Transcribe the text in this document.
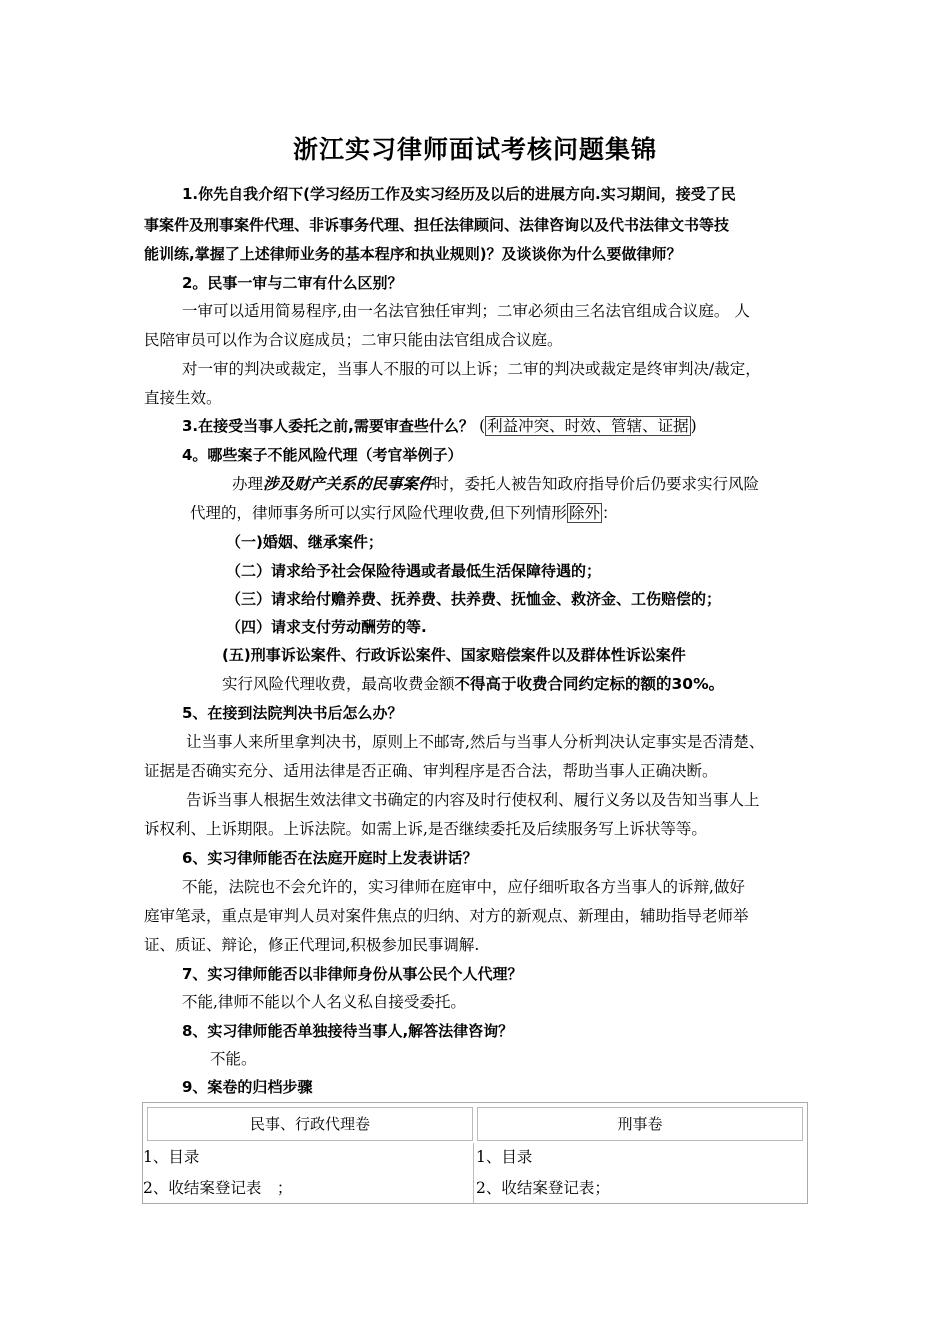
浙江实习律师面试考核问题集锦
1.你先自我介绍下(学习经历工作及实习经历及以后的进展方向.实习期间，接受了民
事案件及刑事案件代理、非诉事务代理、担任法律顾问、法律咨询以及代书法律文书等技
能训练,掌握了上述律师业务的基本程序和执业规则)？及谈谈你为什么要做律师？
2。民事一审与二审有什么区别？
一审可以适用简易程序,由一名法官独任审判；二审必须由三名法官组成合议庭。 人
民陪审员可以作为合议庭成员；二审只能由法官组成合议庭。
对一审的判决或裁定，当事人不服的可以上诉；二审的判决或裁定是终审判决/裁定，
直接生效。
3.在接受当事人委托之前,需要审查些什么？ ( 利益冲突、时效、管辖、证据 )
4。哪些案子不能风险代理（考官举例子）
办理涉及财产关系的民事案件时，委托人被告知政府指导价后仍要求实行风险
代理的，律师事务所可以实行风险代理收费,但下列情形 除外 ：
（一)婚姻、继承案件；
（二）请求给予社会保险待遇或者最低生活保障待遇的；
（三）请求给付赡养费、抚养费、扶养费、抚恤金、救济金、工伤赔偿的；
（四）请求支付劳动酬劳的等.
(五)刑事诉讼案件、行政诉讼案件、国家赔偿案件以及群体性诉讼案件
实行风险代理收费，最高收费金额不得高于收费合同约定标的额的30%。
5、在接到法院判决书后怎么办？
让当事人来所里拿判决书，原则上不邮寄,然后与当事人分析判决认定事实是否清楚、
证据是否确实充分、适用法律是否正确、审判程序是否合法，帮助当事人正确决断。
告诉当事人根据生效法律文书确定的内容及时行使权利、履行义务以及告知当事人上
诉权利、上诉期限。上诉法院。如需上诉,是否继续委托及后续服务写上诉状等等。
6、实习律师能否在法庭开庭时上发表讲话？
不能，法院也不会允许的，实习律师在庭审中，应仔细听取各方当事人的诉辩,做好
庭审笔录，重点是审判人员对案件焦点的归纳、对方的新观点、新理由，辅助指导老师举
证、质证、辩论，修正代理词,积极参加民事调解.
7、实习律师能否以非律师身份从事公民个人代理？
不能,律师不能以个人名义私自接受委托。
8、实习律师能否单独接待当事人,解答法律咨询？
不能。
9、案卷的归档步骤
民事、行政代理卷	刑事卷
1、目录
2、收结案登记表　；
1、目录
2、收结案登记表；
